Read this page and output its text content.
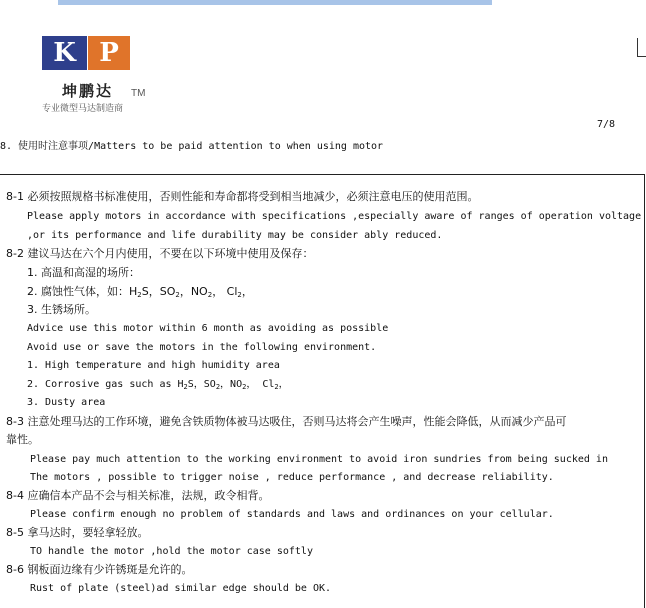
K P
坤鹏达 TM
专业微型马达制造商
7/8
8. 使用时注意事项/Matters to be paid attention to when using motor
8-1 必须按照规格书标准使用，否则性能和寿命都将受到相当地减少，必须注意电压的使用范围。
Please apply motors in accordance with specifications ,especially aware of ranges of operation voltage
,or its performance and life durability may be consider ably reduced.
8-2 建议马达在六个月内使用，不要在以下环境中使用及保存：
1. 高温和高湿的场所：
2. 腐蚀性气体，如：$H_2S$，$SO_2$，$NO_2$， $Cl_2$，
3. 生锈场所。
Advice use this motor within 6 month as avoiding as possible
Avoid use or save the motors in the following environment.
1. High temperature and high humidity area
2. Corrosive gas such as $H_2S$，$SO_2$，$NO_2$， $Cl_2$，
3. Dusty area
8-3 注意处理马达的工作环境，避免含铁质物体被马达吸住，否则马达将会产生噪声，性能会降低，从而减少产品可
靠性。
Please pay much attention to the working environment to avoid iron sundries from being sucked in
The motors , possible to trigger noise , reduce performance , and decrease reliability.
8-4 应确信本产品不会与相关标准，法规，政令相背。
Please confirm enough no problem of standards and laws and ordinances on your cellular.
8-5 拿马达时，要轻拿轻放。
TO handle the motor ,hold the motor case softly
8-6 钢板面边缘有少许锈斑是允许的。
Rust of plate (steel)ad similar edge should be OK.
